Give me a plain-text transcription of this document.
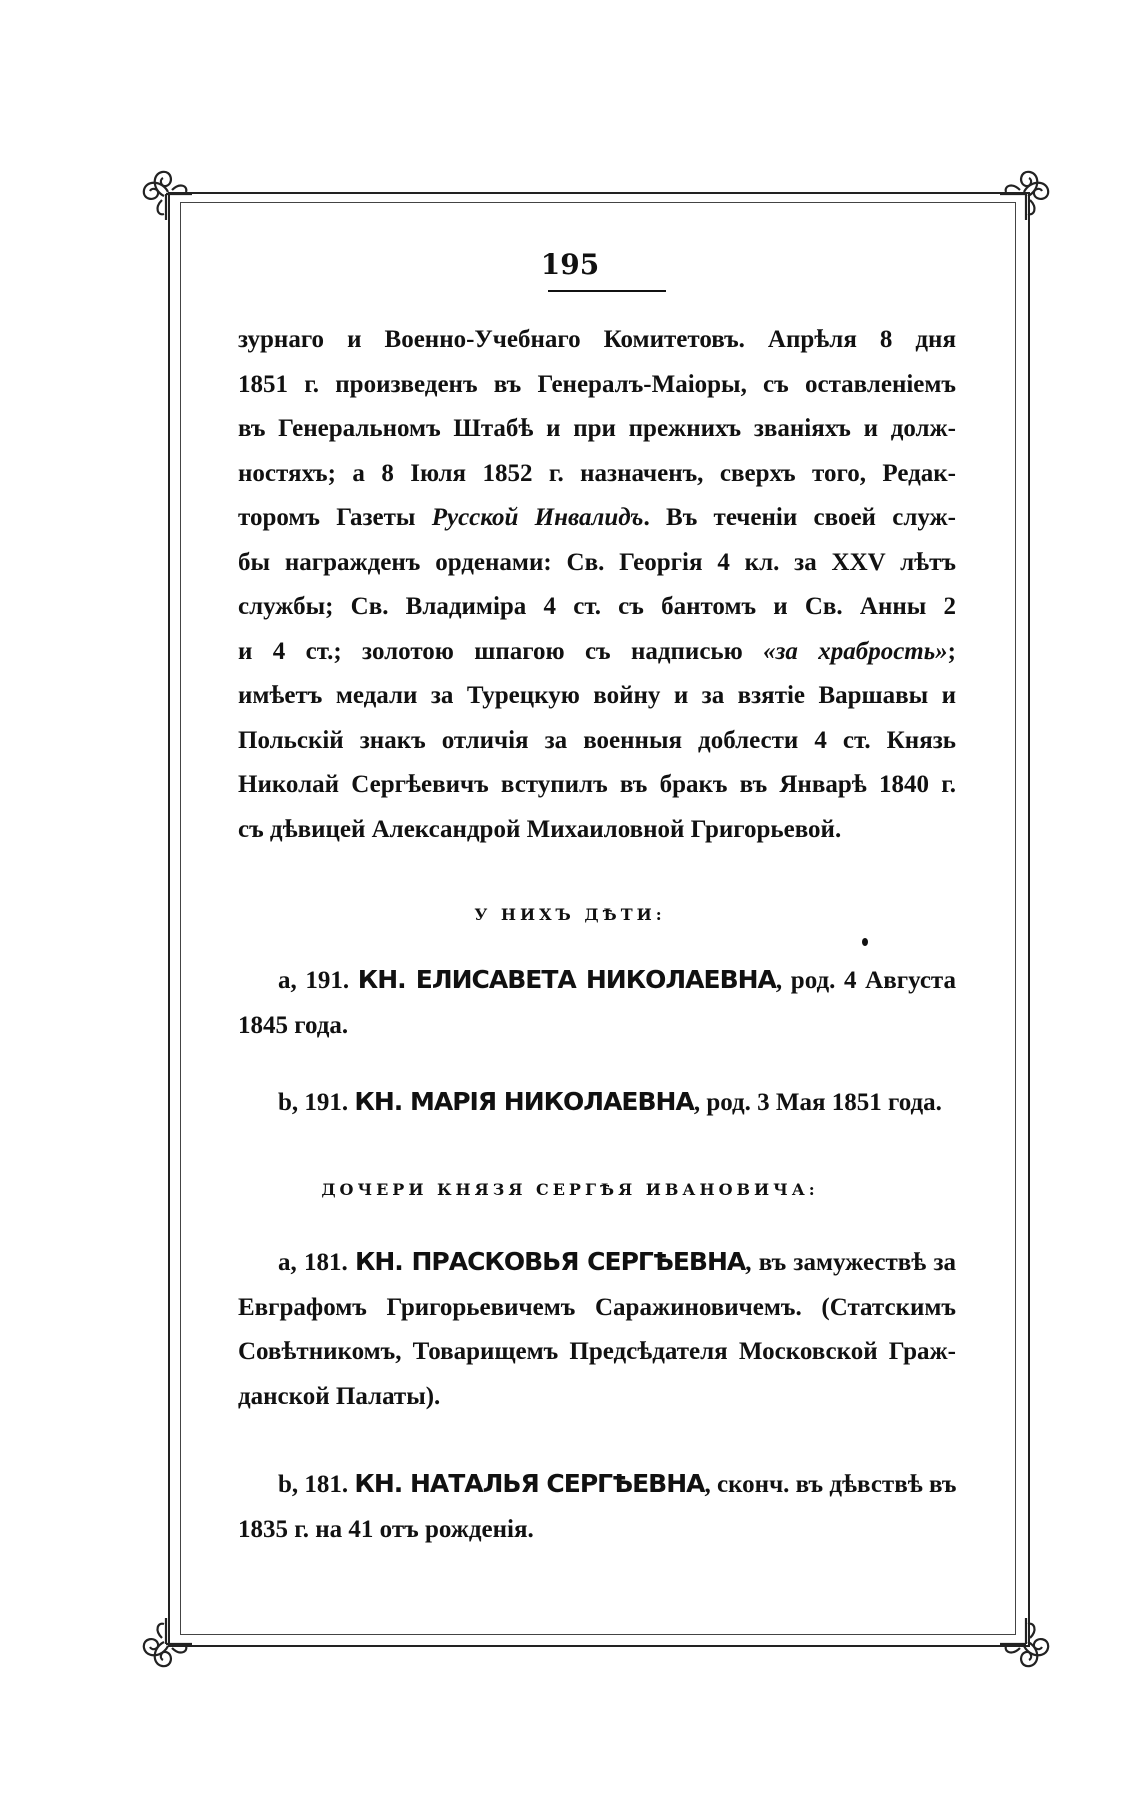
195
зурнаго и Военно-Учебнаго Комитетовъ. Апрѣля 8 дня
1851 г. произведенъ въ Генералъ-Маіоры, съ оставленіемъ
въ Генеральномъ Штабѣ и при прежнихъ званіяхъ и долж-
ностяхъ; а 8 Іюля 1852 г. назначенъ, сверхъ того, Редак-
торомъ Газеты Русской Инвалидъ. Въ теченіи своей служ-
бы награжденъ орденами: Св. Георгія 4 кл. за XXV лѣтъ
службы; Св. Владиміра 4 ст. съ бантомъ и Св. Анны 2
и 4 ст.; золотою шпагою съ надписью «за храбрость»;
имѣетъ медали за Турецкую войну и за взятіе Варшавы и
Польскій знакъ отличія за военныя доблести 4 ст. Князь
Николай Сергѣевичъ вступилъ въ бракъ въ Январѣ 1840 г.
съ дѣвицей Александрой Михаиловной Григорьевой.
У НИХЪ ДѢТИ:
а, 191. КН. ЕЛИСАВЕТА НИКОЛАЕВНА, род. 4 Августа
1845 года.
b, 191. КН. МАРІЯ НИКОЛАЕВНА, род. 3 Мая 1851 года.
ДОЧЕРИ КНЯЗЯ СЕРГѢЯ ИВАНОВИЧА:
а, 181. КН. ПРАСКОВЬЯ СЕРГѢЕВНА, въ замужествѣ за
Евграфомъ Григорьевичемъ Саражиновичемъ. (Статскимъ
Совѣтникомъ, Товарищемъ Предсѣдателя Московской Граж-
данской Палаты).
b, 181. КН. НАТАЛЬЯ СЕРГѢЕВНА, сконч. въ дѣвствѣ въ
1835 г. на 41 отъ рожденія.
